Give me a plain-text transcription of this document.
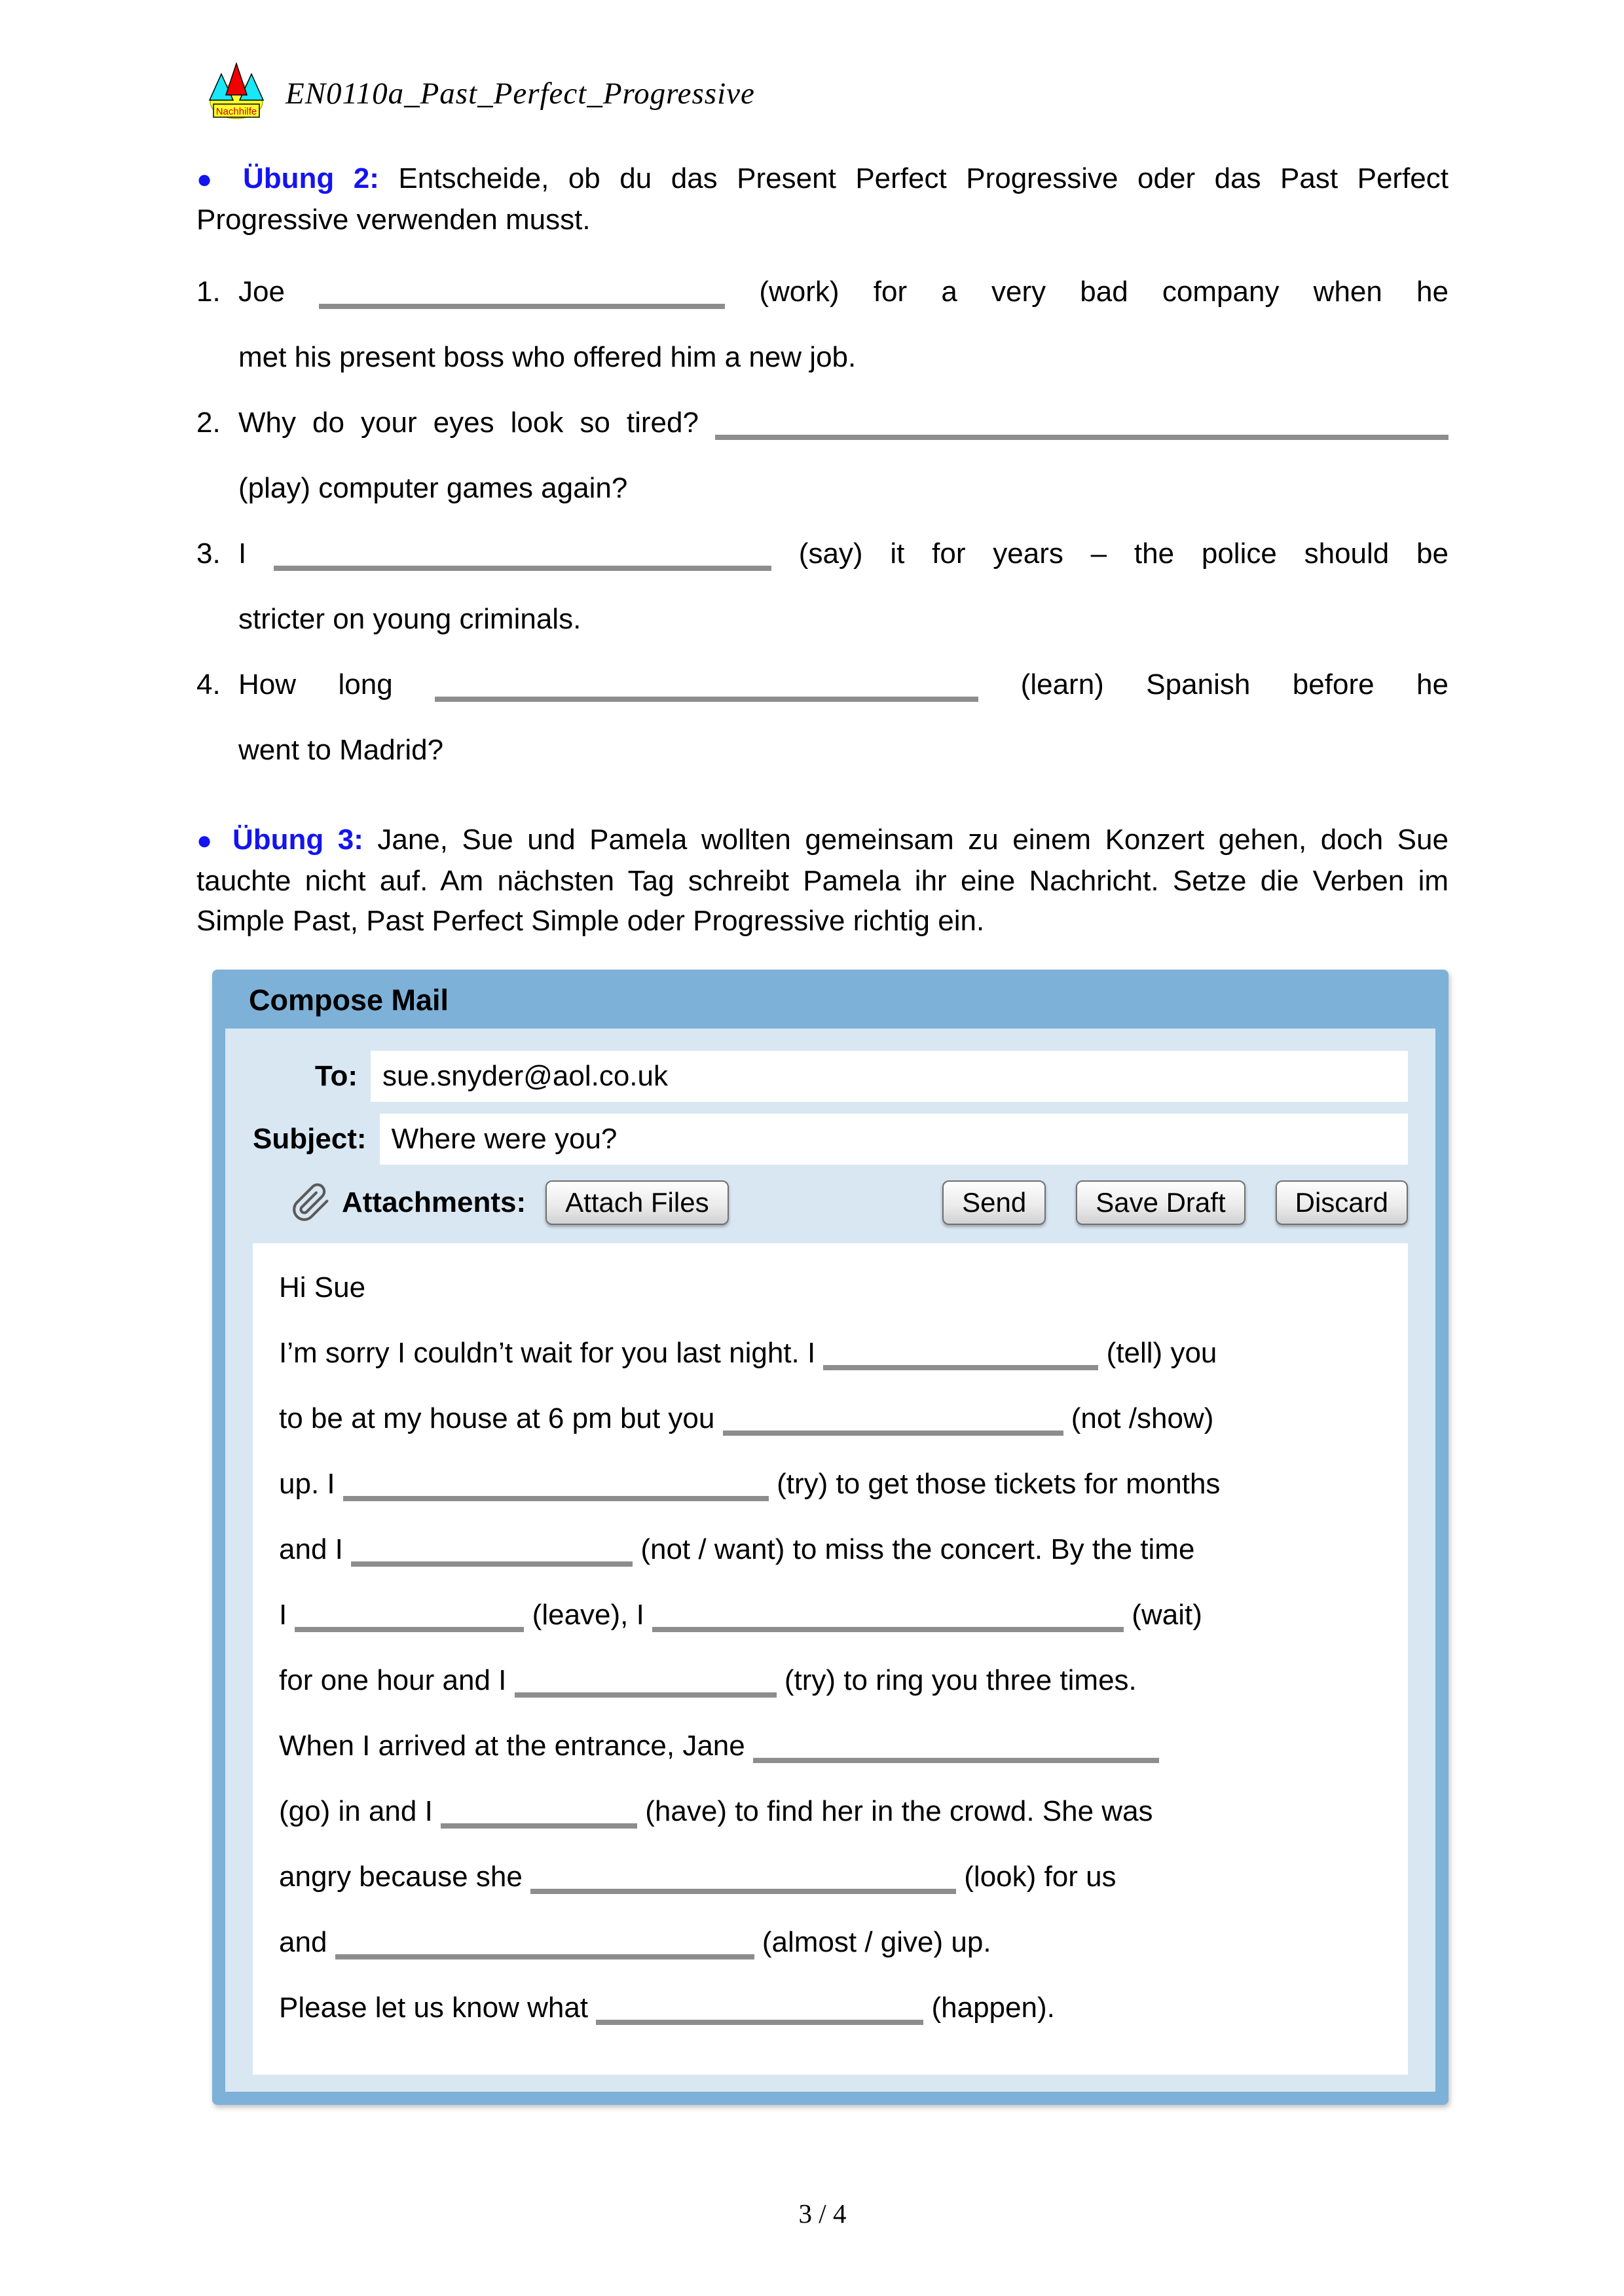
Nachhilfe
EN0110a_Past_Perfect_Progressive
● Übung 2: Entscheide, ob du das Present Perfect Progressive oder das Past Perfect Progressive verwenden musst.
1. Joe	(work) for a very bad company when he
met his present boss who offered him a new job.
2. Why do your eyes look so tired?
(play) computer games again?
3. I	(say) it for years – the police should be
stricter on young criminals.
4. How long	(learn) Spanish before he
went to Madrid?
● Übung 3: Jane, Sue und Pamela wollten gemeinsam zu einem Konzert gehen, doch Sue tauchte nicht auf. Am nächsten Tag schreibt Pamela ihr eine Nachricht. Setze die Verben im Simple Past, Past Perfect Simple oder Progressive richtig ein.
Compose Mail
To: sue.snyder@aol.co.uk
Subject: Where were you?
Attachments:	Attach Files	Send	Save Draft	Discard
Hi Sue
I’m sorry I couldn’t wait for you last night. I	(tell) you
to be at my house at 6 pm but you	(not /show)
up. I	(try) to get those tickets for months
and I	(not / want) to miss the concert. By the time
I	(leave), I	(wait)
for one hour and I	(try) to ring you three times.
When I arrived at the entrance, Jane
(go) in and I	(have) to find her in the crowd. She was
angry because she	(look) for us
and	(almost / give) up.
Please let us know what	(happen).
3 / 4
